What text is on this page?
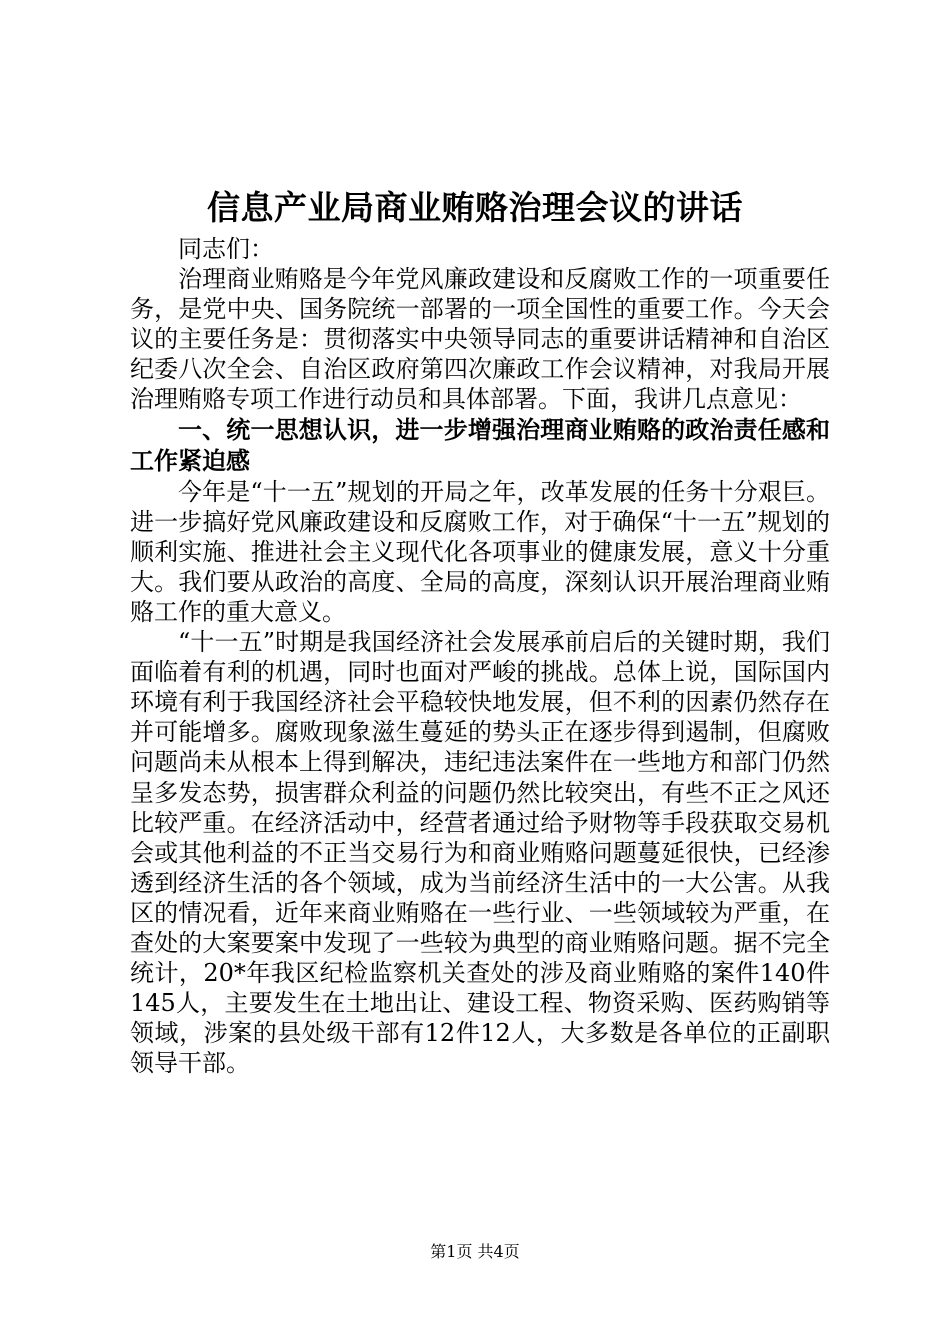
信息产业局商业贿赂治理会议的讲话

同志们：

治理商业贿赂是今年党风廉政建设和反腐败工作的一项重要任务，是党中央、国务院统一部署的一项全国性的重要工作。今天会议的主要任务是：贯彻落实中央领导同志的重要讲话精神和自治区纪委八次全会、自治区政府第四次廉政工作会议精神，对我局开展治理贿赂专项工作进行动员和具体部署。下面，我讲几点意见：

一、统一思想认识，进一步增强治理商业贿赂的政治责任感和工作紧迫感

今年是“十一五”规划的开局之年，改革发展的任务十分艰巨。进一步搞好党风廉政建设和反腐败工作，对于确保“十一五”规划的顺利实施、推进社会主义现代化各项事业的健康发展，意义十分重大。我们要从政治的高度、全局的高度，深刻认识开展治理商业贿赂工作的重大意义。

“十一五”时期是我国经济社会发展承前启后的关键时期，我们面临着有利的机遇，同时也面对严峻的挑战。总体上说，国际国内环境有利于我国经济社会平稳较快地发展，但不利的因素仍然存在并可能增多。腐败现象滋生蔓延的势头正在逐步得到遏制，但腐败问题尚未从根本上得到解决，违纪违法案件在一些地方和部门仍然呈多发态势，损害群众利益的问题仍然比较突出，有些不正之风还比较严重。在经济活动中，经营者通过给予财物等手段获取交易机会或其他利益的不正当交易行为和商业贿赂问题蔓延很快，已经渗透到经济生活的各个领域，成为当前经济生活中的一大公害。从我区的情况看，近年来商业贿赂在一些行业、一些领域较为严重，在查处的大案要案中发现了一些较为典型的商业贿赂问题。据不完全统计，20*年我区纪检监察机关查处的涉及商业贿赂的案件140件145人，主要发生在土地出让、建设工程、物资采购、医药购销等领域，涉案的县处级干部有12件12人，大多数是各单位的正副职领导干部。

第1页 共4页
